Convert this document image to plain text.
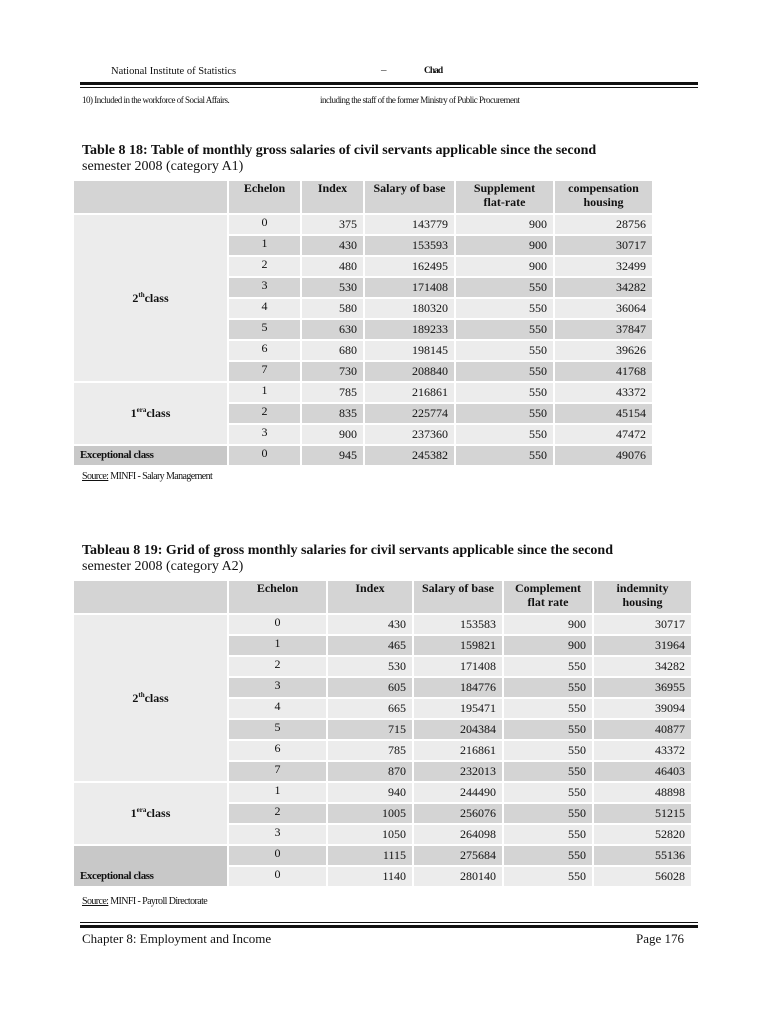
National Institute of Statistics	–	Chad
10) Included in the workforce of Social Affairs.	including the staff of the former Ministry of Public Procurement
Table 8 18: Table of monthly gross salaries of civil servants applicable since the second
semester 2008 (category A1)
	Echelon	Index	Salary of base	Supplement flat-rate	compensation housing
2thclass	0	375	143779	900	28756
	1	430	153593	900	30717
	2	480	162495	900	32499
	3	530	171408	550	34282
	4	580	180320	550	36064
	5	630	189233	550	37847
	6	680	198145	550	39626
	7	730	208840	550	41768
$1^{era}class$	1	785	216861	550	43372
	2	835	225774	550	45154
	3	900	237360	550	47472
Exceptional class	0	945	245382	550	49076
Source: MINFI - Salary Management
Tableau 8 19: Grid of gross monthly salaries for civil servants applicable since the second
semester 2008 (category A2)
	Echelon	Index	Salary of base	Complement flat rate	indemnity housing
2thclass	0	430	153583	900	30717
	1	465	159821	900	31964
	2	530	171408	550	34282
	3	605	184776	550	36955
	4	665	195471	550	39094
	5	715	204384	550	40877
	6	785	216861	550	43372
	7	870	232013	550	46403
$1^{era}class$	1	940	244490	550	48898
	2	1005	256076	550	51215
	3	1050	264098	550	52820
Exceptional class	0	1115	275684	550	55136
	0	1140	280140	550	56028
Source: MINFI - Payroll Directorate
Chapter 8: Employment and Income	Page 176
